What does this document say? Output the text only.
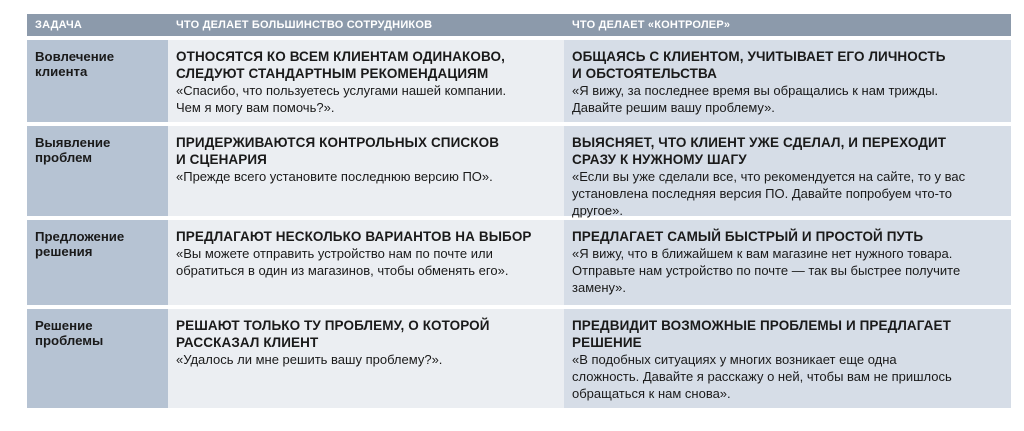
ЗАДАЧА	ЧТО ДЕЛАЕТ БОЛЬШИНСТВО СОТРУДНИКОВ	ЧТО ДЕЛАЕТ «КОНТРОЛЕР»
Вовлечение
клиента
ОТНОСЯТСЯ КО ВСЕМ КЛИЕНТАМ ОДИНАКОВО,
СЛЕДУЮТ СТАНДАРТНЫМ РЕКОМЕНДАЦИЯМ
«Спасибо, что пользуетесь услугами нашей компании.
Чем я могу вам помочь?».
ОБЩАЯСЬ С КЛИЕНТОМ, УЧИТЫВАЕТ ЕГО ЛИЧНОСТЬ
И ОБСТОЯТЕЛЬСТВА
«Я вижу, за последнее время вы обращались к нам трижды.
Давайте решим вашу проблему».
Выявление
проблем
ПРИДЕРЖИВАЮТСЯ КОНТРОЛЬНЫХ СПИСКОВ
И СЦЕНАРИЯ
«Прежде всего установите последнюю версию ПО».
ВЫЯСНЯЕТ, ЧТО КЛИЕНТ УЖЕ СДЕЛАЛ, И ПЕРЕХОДИТ
СРАЗУ К НУЖНОМУ ШАГУ
«Если вы уже сделали все, что рекомендуется на сайте, то у вас
установлена последняя версия ПО. Давайте попробуем что-то
другое».
Предложение
решения
ПРЕДЛАГАЮТ НЕСКОЛЬКО ВАРИАНТОВ НА ВЫБОР
«Вы можете отправить устройство нам по почте или
обратиться в один из магазинов, чтобы обменять его».
ПРЕДЛАГАЕТ САМЫЙ БЫСТРЫЙ И ПРОСТОЙ ПУТЬ
«Я вижу, что в ближайшем к вам магазине нет нужного товара.
Отправьте нам устройство по почте — так вы быстрее получите
замену».
Решение
проблемы
РЕШАЮТ ТОЛЬКО ТУ ПРОБЛЕМУ, О КОТОРОЙ
РАССКАЗАЛ КЛИЕНТ
«Удалось ли мне решить вашу проблему?».
ПРЕДВИДИТ ВОЗМОЖНЫЕ ПРОБЛЕМЫ И ПРЕДЛАГАЕТ
РЕШЕНИЕ
«В подобных ситуациях у многих возникает еще одна
сложность. Давайте я расскажу о ней, чтобы вам не пришлось
обращаться к нам снова».
